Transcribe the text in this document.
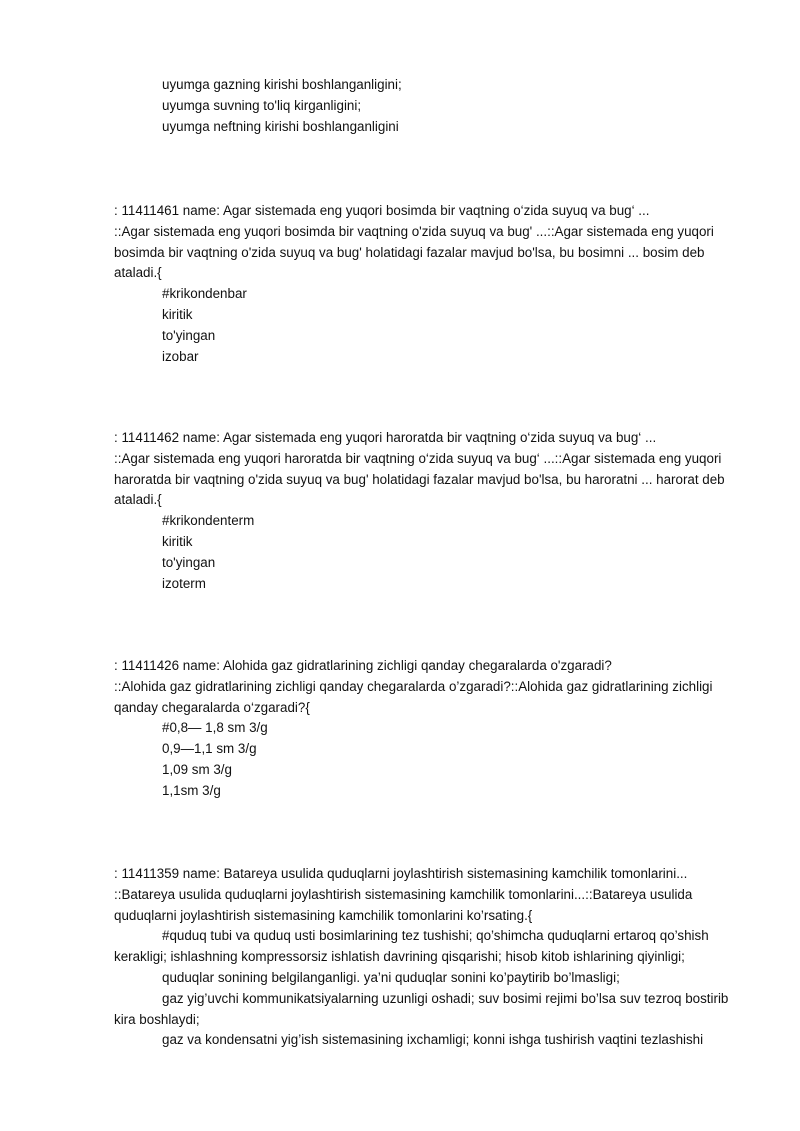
uyumga gazning kirishi boshlanganligini;
uyumga suvning to'liq kirganligini;
uyumga neftning kirishi boshlanganligini
: 11411461 name: Agar sistemada eng yuqori bosimda bir vaqtning o‘zida suyuq va bug‘ ...
::Agar sistemada eng yuqori bosimda bir vaqtning o'zida suyuq va bug' ...::Agar sistemada eng yuqori bosimda bir vaqtning o'zida suyuq va bug' holatidagi fazalar mavjud bo'lsa, bu bosimni ... bosim deb ataladi.{
#krikondenbar
kiritik
to'yingan
izobar
: 11411462 name: Agar sistemada eng yuqori haroratda bir vaqtning o‘zida suyuq va bug‘ ...
::Agar sistemada eng yuqori haroratda bir vaqtning o‘zida suyuq va bug‘ ...::Agar sistemada eng yuqori haroratda bir vaqtning o'zida suyuq va bug' holatidagi fazalar mavjud bo'lsa, bu haroratni ... harorat deb ataladi.{
#krikondenterm
kiritik
to'yingan
izoterm
: 11411426 name: Alohida gaz gidratlarining zichligi qanday chegaralarda o'zgaradi?
::Alohida gaz gidratlarining zichligi qanday chegaralarda o’zgaradi?::Alohida gaz gidratlarining zichligi qanday chegaralarda o‘zgaradi?{
#0,8— 1,8 sm 3/g
0,9—1,1 sm 3/g
1,09 sm 3/g
1,1sm 3/g
: 11411359 name: Batareya usulida quduqlarni joylashtirish sistemasining kamchilik tomonlarini...
::Batareya usulida quduqlarni joylashtirish sistemasining kamchilik tomonlarini...::Batareya usulida quduqlarni joylashtirish sistemasining kamchilik tomonlarini ko’rsating.{
#quduq tubi va quduq usti bosimlarining tez tushishi; qo’shimcha quduqlarni ertaroq qo’shish kerakligi; ishlashning kompressorsiz ishlatish davrining qisqarishi; hisob kitob ishlarining qiyinligi;
quduqlar sonining belgilanganligi. ya’ni quduqlar sonini ko’paytirib bo’lmasligi;
gaz yig’uvchi kommunikatsiyalarning uzunligi oshadi; suv bosimi rejimi bo’lsa suv tezroq bostirib kira boshlaydi;
gaz va kondensatni yig’ish sistemasining ixchamligi; konni ishga tushirish vaqtini tezlashishi
